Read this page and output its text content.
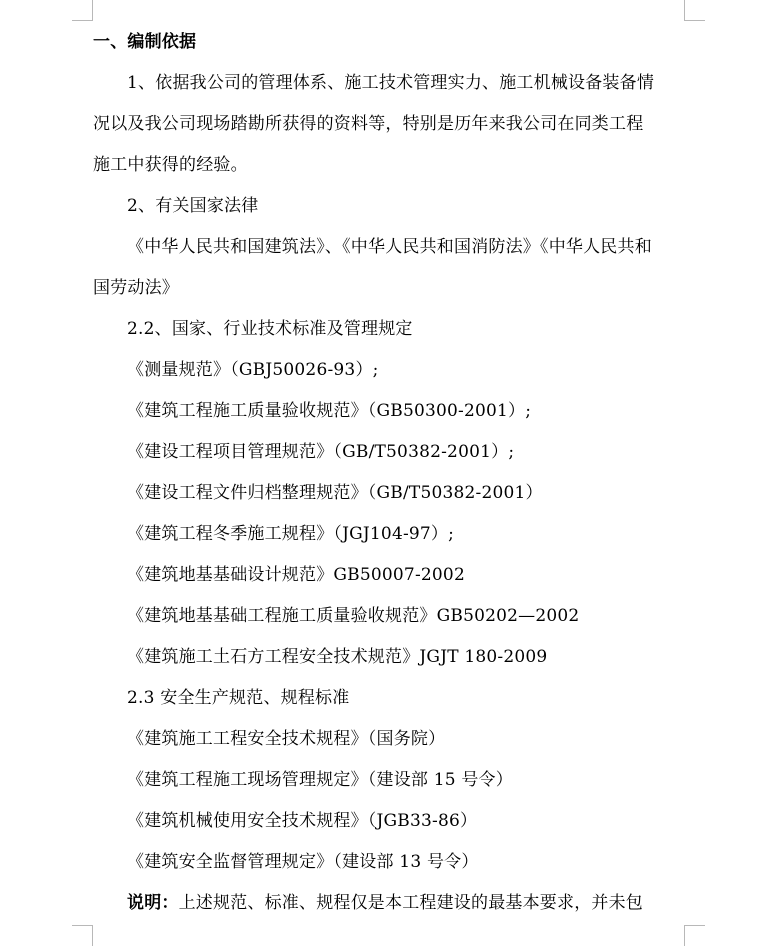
一、编制依据

1、依据我公司的管理体系、施工技术管理实力、施工机械设备装备情

况以及我公司现场踏勘所获得的资料等，特别是历年来我公司在同类工程

施工中获得的经验。

2、有关国家法律

《中华人民共和国建筑法》、《中华人民共和国消防法》《中华人民共和

国劳动法》

2.2、国家、行业技术标准及管理规定

《测量规范》（GBJ50026-93）;

《建筑工程施工质量验收规范》（GB50300-2001）;

《建设工程项目管理规范》（GB/T50382-2001）;

《建设工程文件归档整理规范》（GB/T50382-2001）

《建筑工程冬季施工规程》（JGJ104-97）;

《建筑地基基础设计规范》GB50007-2002

《建筑地基基础工程施工质量验收规范》GB50202—2002

《建筑施工土石方工程安全技术规范》JGJT 180-2009

2.3 安全生产规范、规程标准

《建筑施工工程安全技术规程》（国务院）

《建筑工程施工现场管理规定》（建设部 15 号令）

《建筑机械使用安全技术规程》（JGB33-86）

《建筑安全监督管理规定》（建设部 13 号令）

说明：上述规范、标准、规程仅是本工程建设的最基本要求，并未包
